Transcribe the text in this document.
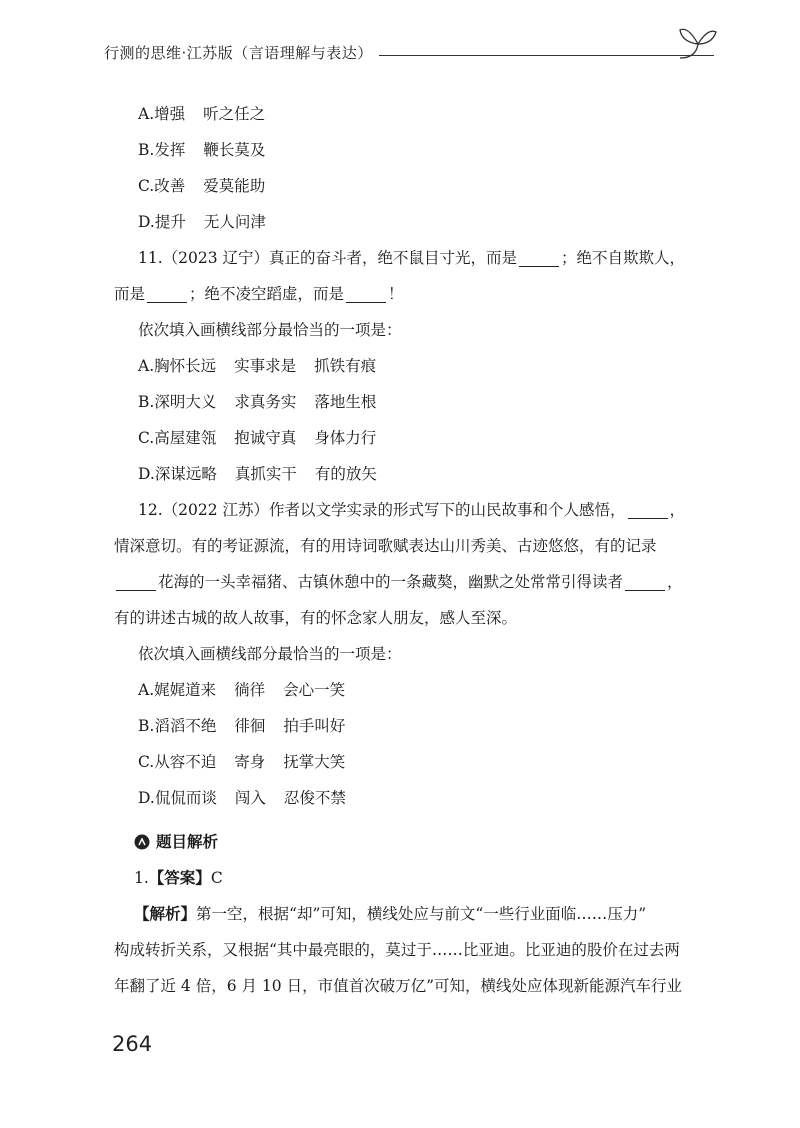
行测的思维·江苏版（言语理解与表达）
A.增强 听之任之
B.发挥 鞭长莫及
C.改善 爱莫能助
D.提升 无人问津
11.（2023 辽宁）真正的奋斗者，绝不鼠目寸光，而是	；绝不自欺欺人，
而是	；绝不凌空蹈虚，而是	！
依次填入画横线部分最恰当的一项是：
A.胸怀长远 实事求是 抓铁有痕
B.深明大义 求真务实 落地生根
C.高屋建瓴 抱诚守真 身体力行
D.深谋远略 真抓实干 有的放矢
12.（2022 江苏）作者以文学实录的形式写下的山民故事和个人感悟，	，
情深意切。有的考证源流，有的用诗词歌赋表达山川秀美、古迹悠悠，有的记录
花海的一头幸福猪、古镇休憩中的一条藏獒，幽默之处常常引得读者	，
有的讲述古城的故人故事，有的怀念家人朋友，感人至深。
依次填入画横线部分最恰当的一项是：
A.娓娓道来 徜徉 会心一笑
B.滔滔不绝 徘徊 拍手叫好
C.从容不迫 寄身 抚掌大笑
D.侃侃而谈 闯入 忍俊不禁
题目解析
1.【答案】C
【解析】第一空，根据“却”可知，横线处应与前文“一些行业面临……压力”
构成转折关系，又根据“其中最亮眼的，莫过于……比亚迪。比亚迪的股价在过去两
年翻了近 4 倍，6 月 10 日，市值首次破万亿”可知，横线处应体现新能源汽车行业
264
